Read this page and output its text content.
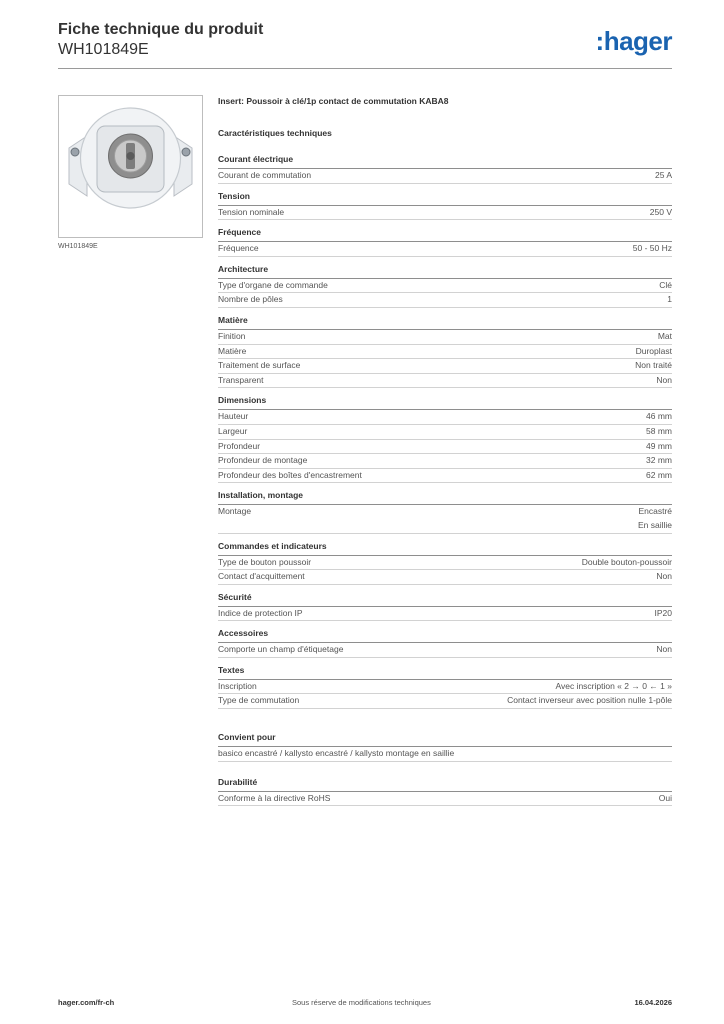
Fiche technique du produit
WH101849E	:hager
WH101849E
Insert: Poussoir à clé/1p contact de commutation KABA8
Caractéristiques techniques
Courant électrique
Courant de commutation	25 A
Tension
Tension nominale	250 V
Fréquence
Fréquence	50 - 50 Hz
Architecture
Type d'organe de commande	Clé
Nombre de pôles	1
Matière
Finition	Mat
Matière	Duroplast
Traitement de surface	Non traité
Transparent	Non
Dimensions
Hauteur	46 mm
Largeur	58 mm
Profondeur	49 mm
Profondeur de montage	32 mm
Profondeur des boîtes d'encastrement	62 mm
Installation, montage
Montage	Encastré
En saillie
Commandes et indicateurs
Type de bouton poussoir	Double bouton-poussoir
Contact d'acquittement	Non
Sécurité
Indice de protection IP	IP20
Accessoires
Comporte un champ d'étiquetage	Non
Textes
Inscription	Avec inscription « 2 → 0 ← 1 »
Type de commutation	Contact inverseur avec position nulle 1-pôle
Convient pour
basico encastré / kallysto encastré / kallysto montage en saillie
Durabilité
Conforme à la directive RoHS	Oui
hager.com/fr-ch	Sous réserve de modifications techniques	16.04.2026
